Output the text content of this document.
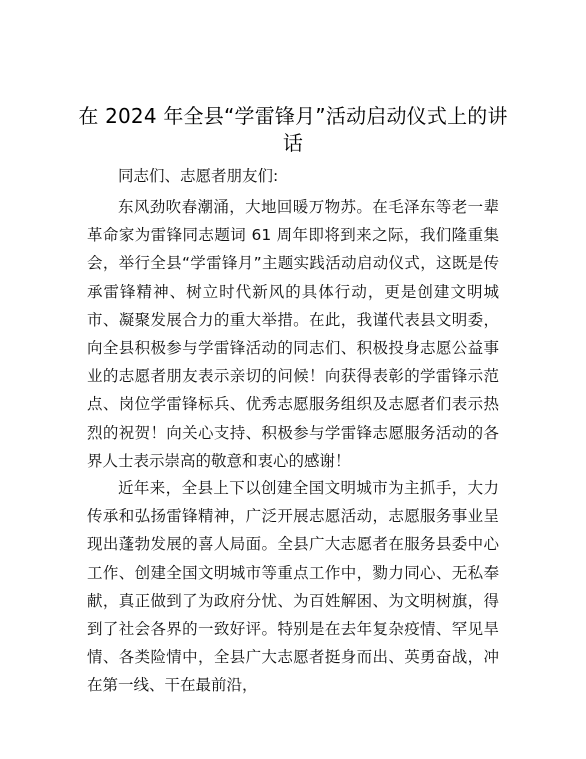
在 2024 年全县“学雷锋月”活动启动仪式上的讲话
同志们、志愿者朋友们:

东风劲吹春潮涌，大地回暖万物苏。在毛泽东等老一辈革命家为雷锋同志题词 61 周年即将到来之际，我们隆重集会，举行全县“学雷锋月”主题实践活动启动仪式，这既是传承雷锋精神、树立时代新风的具体行动，更是创建文明城市、凝聚发展合力的重大举措。在此，我谨代表县文明委，向全县积极参与学雷锋活动的同志们、积极投身志愿公益事业的志愿者朋友表示亲切的问候！向获得表彰的学雷锋示范点、岗位学雷锋标兵、优秀志愿服务组织及志愿者们表示热烈的祝贺！向关心支持、积极参与学雷锋志愿服务活动的各界人士表示崇高的敬意和衷心的感谢！

近年来，全县上下以创建全国文明城市为主抓手，大力传承和弘扬雷锋精神，广泛开展志愿活动，志愿服务事业呈现出蓬勃发展的喜人局面。全县广大志愿者在服务县委中心工作、创建全国文明城市等重点工作中，勠力同心、无私奉献，真正做到了为政府分忧、为百姓解困、为文明树旗，得到了社会各界的一致好评。特别是在去年复杂疫情、罕见旱情、各类险情中，全县广大志愿者挺身而出、英勇奋战，冲在第一线、干在最前沿，
